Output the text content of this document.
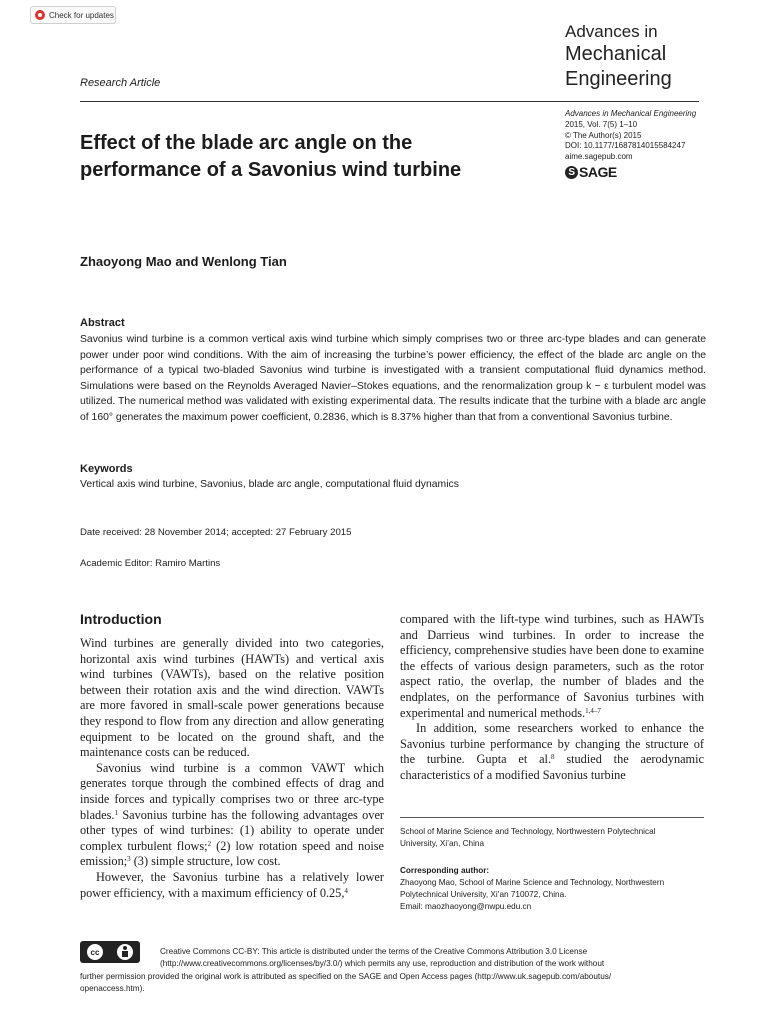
Check for updates
Research Article
Advances in
Mechanical
Engineering
Advances in Mechanical Engineering
2015, Vol. 7(5) 1–10
© The Author(s) 2015
DOI: 10.1177/1687814015584247
aime.sagepub.com
S SAGE
Effect of the blade arc angle on the performance of a Savonius wind turbine
Zhaoyong Mao and Wenlong Tian
Abstract
Savonius wind turbine is a common vertical axis wind turbine which simply comprises two or three arc-type blades and can generate power under poor wind conditions. With the aim of increasing the turbine’s power efficiency, the effect of the blade arc angle on the performance of a typical two-bladed Savonius wind turbine is investigated with a transient computational fluid dynamics method. Simulations were based on the Reynolds Averaged Navier–Stokes equations, and the renormalization group k − ε turbulent model was utilized. The numerical method was validated with existing experimental data. The results indicate that the turbine with a blade arc angle of 160° generates the maximum power coefficient, 0.2836, which is 8.37% higher than that from a conventional Savonius turbine.
Keywords
Vertical axis wind turbine, Savonius, blade arc angle, computational fluid dynamics
Date received: 28 November 2014; accepted: 27 February 2015
Academic Editor: Ramiro Martins
Introduction

Wind turbines are generally divided into two categories, horizontal axis wind turbines (HAWTs) and vertical axis wind turbines (VAWTs), based on the relative position between their rotation axis and the wind direction. VAWTs are more favored in small-scale power generations because they respond to flow from any direction and allow generating equipment to be located on the ground shaft, and the maintenance costs can be reduced.

Savonius wind turbine is a common VAWT which generates torque through the combined effects of drag and inside forces and typically comprises two or three arc-type blades.$^1$ Savonius turbine has the following advantages over other types of wind turbines: (1) ability to operate under complex turbulent flows;$^2$ (2) low rotation speed and noise emission;$^3$ (3) simple structure, low cost.

However, the Savonius turbine has a relatively lower power efficiency, with a maximum efficiency of 0.25,$^4$

compared with the lift-type wind turbines, such as HAWTs and Darrieus wind turbines. In order to increase the efficiency, comprehensive studies have been done to examine the effects of various design parameters, such as the rotor aspect ratio, the overlap, the number of blades and the endplates, on the performance of Savonius turbines with experimental and numerical methods.$^{1,4-7}$

In addition, some researchers worked to enhance the Savonius turbine performance by changing the structure of the turbine. Gupta et al.$^8$ studied the aerodynamic characteristics of a modified Savonius turbine

School of Marine Science and Technology, Northwestern Polytechnical
University, Xi’an, China
Corresponding author:
Zhaoyong Mao, School of Marine Science and Technology, Northwestern
Polytechnical University, Xi’an 710072, China.
Email: maozhaoyong@nwpu.edu.cn
cc	Creative Commons CC-BY: This article is distributed under the terms of the Creative Commons Attribution 3.0 License
(http://www.creativecommons.org/licenses/by/3.0/) which permits any use, reproduction and distribution of the work without
further permission provided the original work is attributed as specified on the SAGE and Open Access pages (http://www.uk.sagepub.com/aboutus/
openaccess.htm).
